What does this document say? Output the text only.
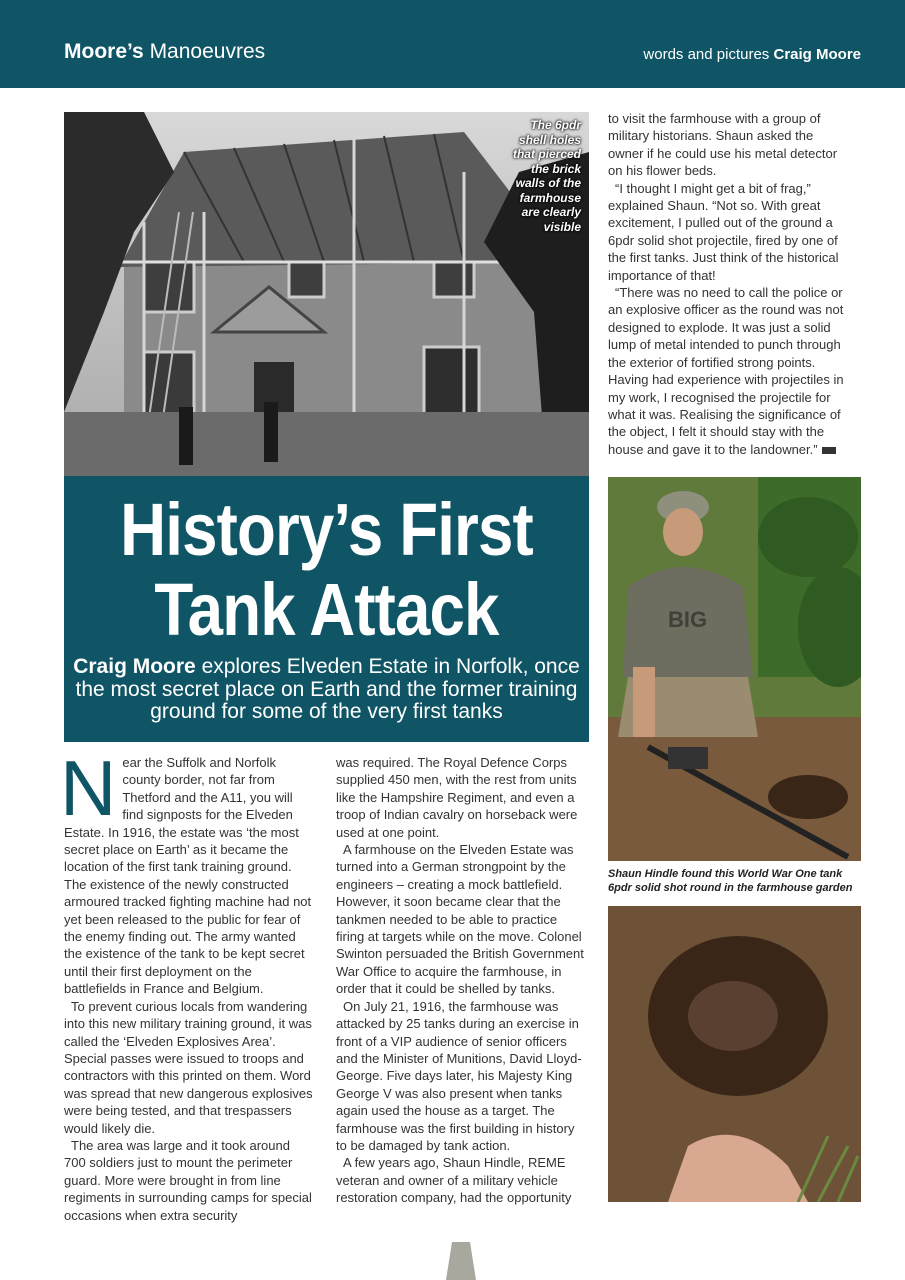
Moore’s Manoeuvres	words and pictures Craig Moore
The 6pdr shell holes that pierced the brick walls of the farmhouse are clearly visible
History’s First
Tank Attack
Craig Moore explores Elveden Estate in Norfolk, once the most secret place on Earth and the former training ground for some of the very first tanks
N ear the Suffolk and Norfolk county border, not far from Thetford and the A11, you will find signposts for the Elveden Estate. In 1916, the estate was ‘the most secret place on Earth’ as it became the location of the first tank training ground. The existence of the newly constructed armoured tracked fighting machine had not yet been released to the public for fear of the enemy finding out. The army wanted the existence of the tank to be kept secret until their first deployment on the battlefields in France and Belgium.

To prevent curious locals from wandering into this new military training ground, it was called the ‘Elveden Explosives Area’. Special passes were issued to troops and contractors with this printed on them. Word was spread that new dangerous explosives were being tested, and that trespassers would likely die.

The area was large and it took around 700 soldiers just to mount the perimeter guard. More were brought in from line regiments in surrounding camps for special occasions when extra security

was required. The Royal Defence Corps supplied 450 men, with the rest from units like the Hampshire Regiment, and even a troop of Indian cavalry on horseback were used at one point.

A farmhouse on the Elveden Estate was turned into a German strongpoint by the engineers – creating a mock battlefield. However, it soon became clear that the tankmen needed to be able to practice firing at targets while on the move. Colonel Swinton persuaded the British Government War Office to acquire the farmhouse, in order that it could be shelled by tanks.

On July 21, 1916, the farmhouse was attacked by 25 tanks during an exercise in front of a VIP audience of senior officers and the Minister of Munitions, David Lloyd-George. Five days later, his Majesty King George V was also present when tanks again used the house as a target. The farmhouse was the first building in history to be damaged by tank action.

A few years ago, Shaun Hindle, REME veteran and owner of a military vehicle restoration company, had the opportunity

to visit the farmhouse with a group of military historians. Shaun asked the owner if he could use his metal detector on his flower beds.

“I thought I might get a bit of frag,” explained Shaun. “Not so. With great excitement, I pulled out of the ground a 6pdr solid shot projectile, fired by one of the first tanks. Just think of the historical importance of that!

“There was no need to call the police or an explosive officer as the round was not designed to explode. It was just a solid lump of metal intended to punch through the exterior of fortified strong points. Having had experience with projectiles in my work, I recognised the projectile for what it was. Realising the significance of the object, I felt it should stay with the house and gave it to the landowner.”

BIG
Shaun Hindle found this World War One tank 6pdr solid shot round in the farmhouse garden
